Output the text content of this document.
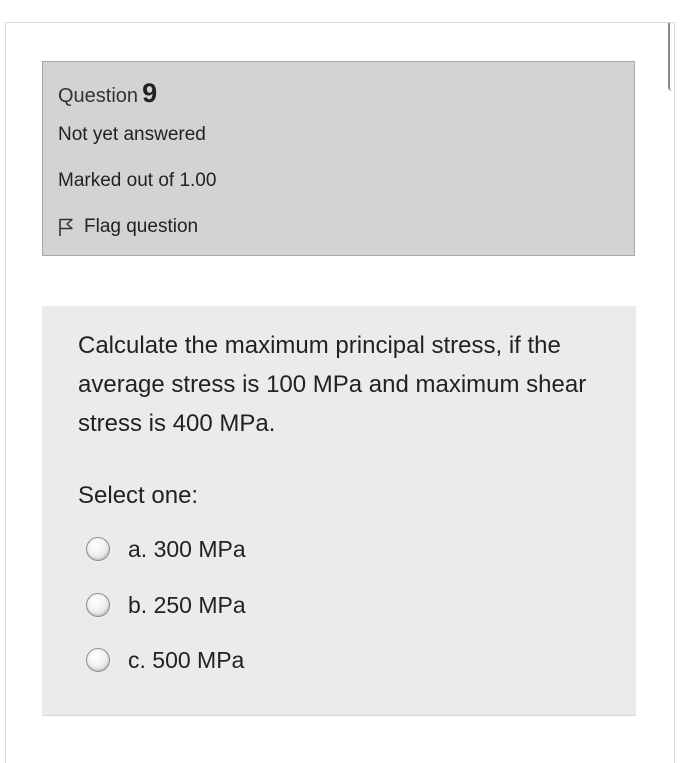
Question 9
Not yet answered
Marked out of 1.00
Flag question
Calculate the maximum principal stress, if the average stress is 100 MPa and maximum shear stress is 400 MPa.
Select one:
a. 300 MPa
b. 250 MPa
c. 500 MPa
